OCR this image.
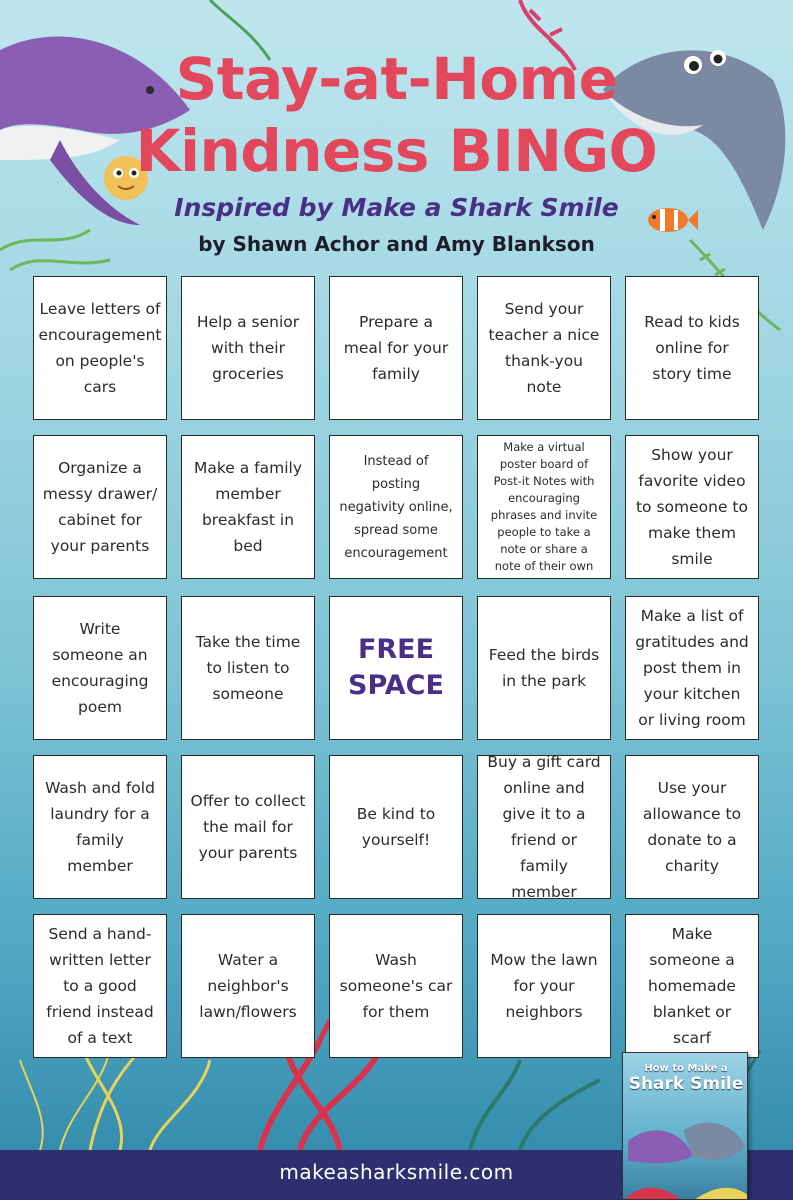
Stay-at-Home
Kindness BINGO
Inspired by Make a Shark Smile
by Shawn Achor and Amy Blankson
Leave letters of encouragement on people's cars
Help a senior with their groceries
Prepare a meal for your family
Send your teacher a nice thank-you note
Read to kids online for story time
Organize a messy drawer/ cabinet for your parents
Make a family member breakfast in bed
Instead of posting negativity online, spread some encouragement
Make a virtual poster board of Post-it Notes with encouraging phrases and invite people to take a note or share a note of their own
Show your favorite video to someone to make them smile
Write someone an encouraging poem
Take the time to listen to someone
FREE SPACE
Feed the birds in the park
Make a list of gratitudes and post them in your kitchen or living room
Wash and fold laundry for a family member
Offer to collect the mail for your parents
Be kind to yourself!
Buy a gift card online and give it to a friend or family member
Use your allowance to donate to a charity
Send a hand-written letter to a good friend instead of a text
Water a neighbor's lawn/flowers
Wash someone's car for them
Mow the lawn for your neighbors
Make someone a homemade blanket or scarf
makeasharksmile.com
How to Make a
Shark Smile
